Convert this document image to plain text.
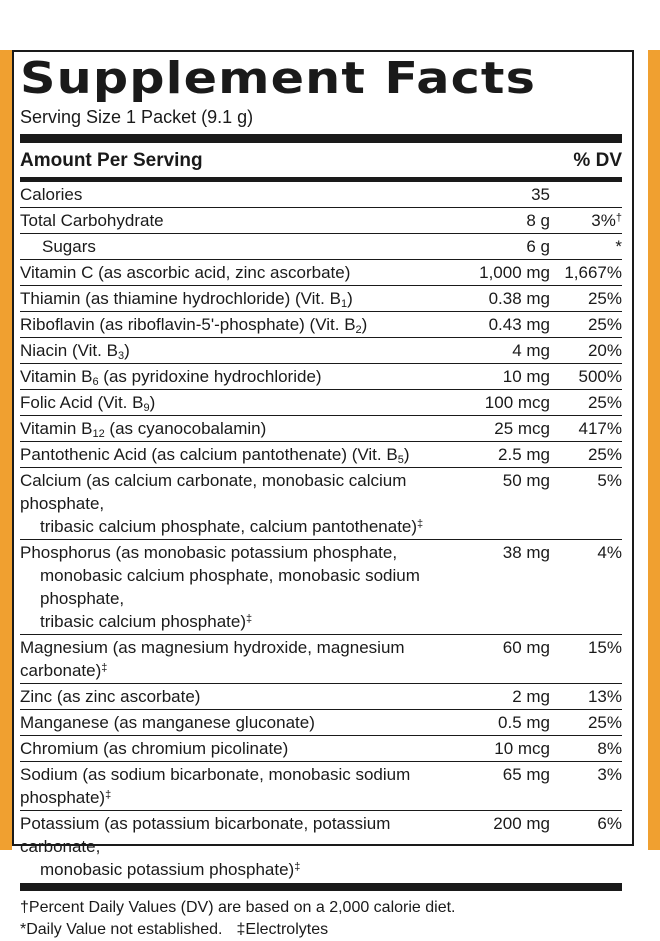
Supplement Facts
Serving Size 1 Packet (9.1 g)
Amount Per Serving	% DV
Calories	35
Total Carbohydrate	8 g	3%†
Sugars	6 g	*
Vitamin C (as ascorbic acid, zinc ascorbate)	1,000 mg 1,667%
Thiamin (as thiamine hydrochloride) (Vit. $B_1$)	0.38 mg	25%
Riboflavin (as riboflavin-5'-phosphate) (Vit. $B_2$)	0.43 mg	25%
Niacin (Vit. $B_3$)	4 mg	20%
Vitamin $B_6$ (as pyridoxine hydrochloride)	10 mg	500%
Folic Acid (Vit. $B_9$)	100 mcg	25%
Vitamin $B_{12}$ (as cyanocobalamin)	25 mcg	417%
Pantothenic Acid (as calcium pantothenate) (Vit. $B_5$)	2.5 mg	25%
Calcium (as calcium carbonate, monobasic calcium phosphate,
tribasic calcium phosphate, calcium pantothenate)‡
50 mg	5%
Phosphorus (as monobasic potassium phosphate,
monobasic calcium phosphate, monobasic sodium phosphate,
tribasic calcium phosphate)‡
38 mg	4%
Magnesium (as magnesium hydroxide, magnesium carbonate)‡
60 mg	15%
Zinc (as zinc ascorbate)	2 mg	13%
Manganese (as manganese gluconate)	0.5 mg	25%
Chromium (as chromium picolinate)	10 mcg	8%
Sodium (as sodium bicarbonate, monobasic sodium phosphate)‡
65 mg	3%
Potassium (as potassium bicarbonate, potassium carbonate,
monobasic potassium phosphate)‡
200 mg	6%
†Percent Daily Values (DV) are based on a 2,000 calorie diet.
*Daily Value not established. ‡Electrolytes
